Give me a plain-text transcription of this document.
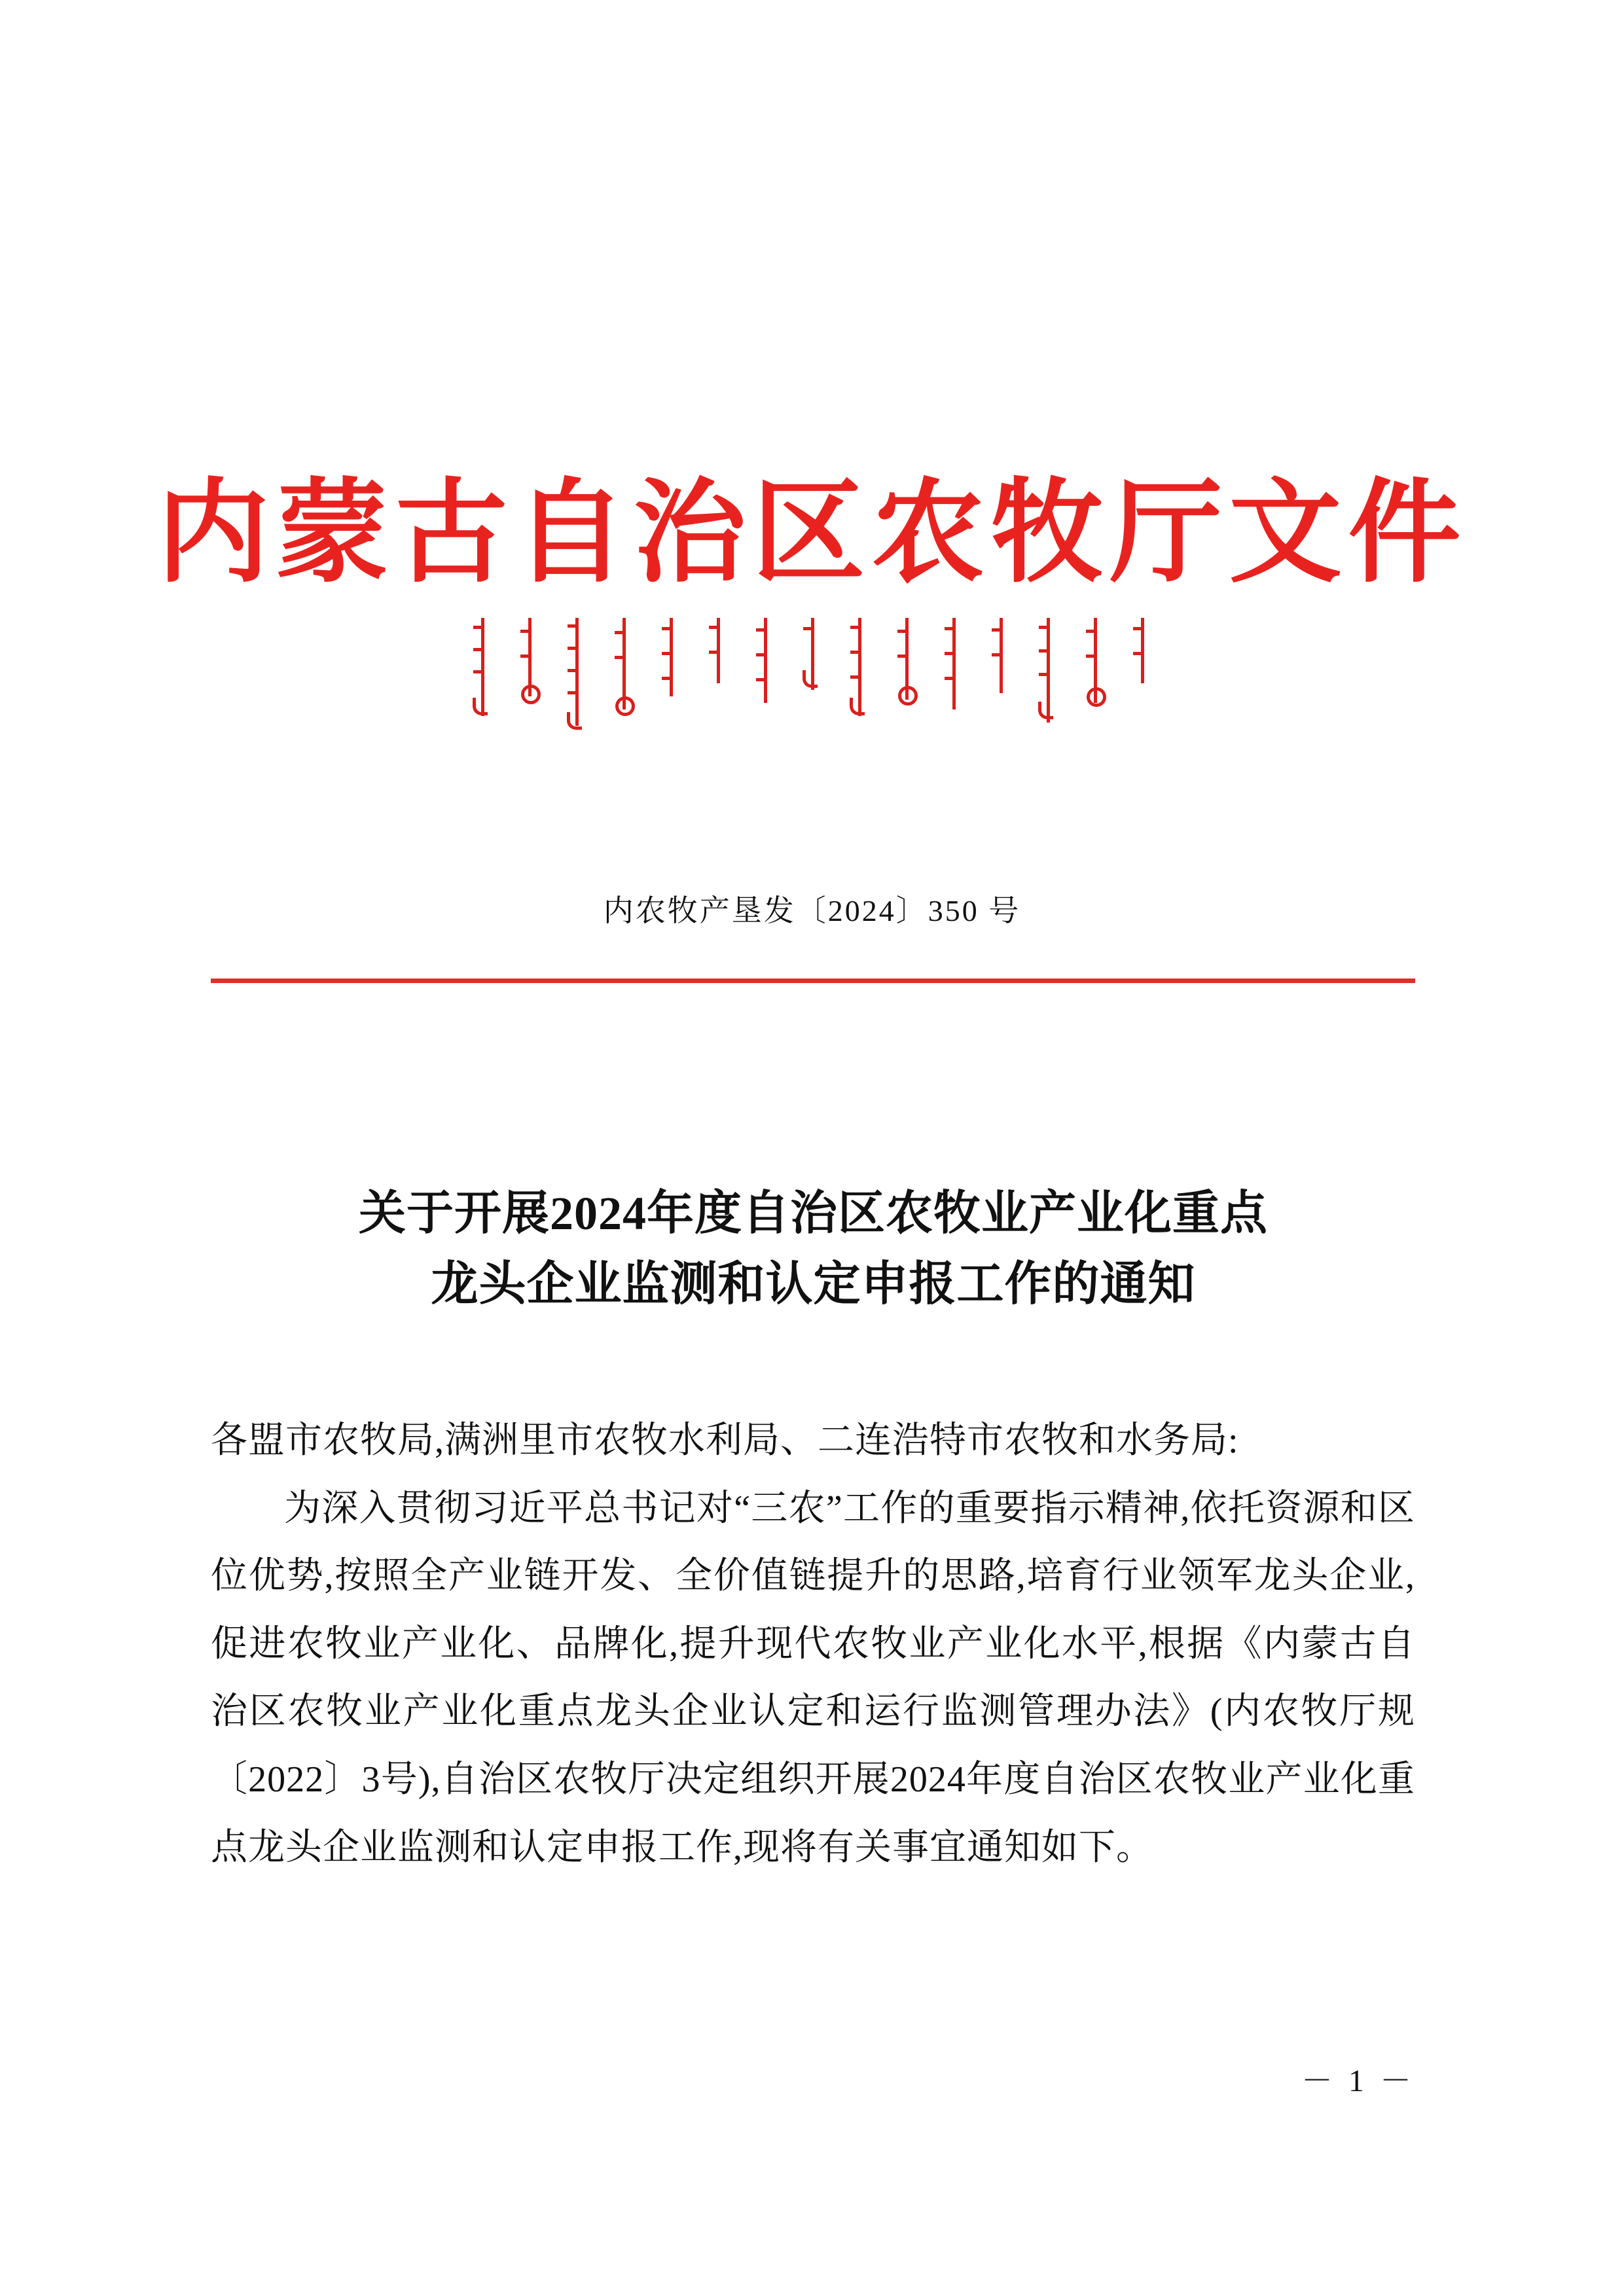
内蒙古自治区农牧厅文件
内农牧产垦发〔2024〕350 号
关于开展2024年度自治区农牧业产业化重点
龙头企业监测和认定申报工作的通知

各盟市农牧局,满洲里市农牧水利局、二连浩特市农牧和水务局:

为深入贯彻习近平总书记对“三农”工作的重要指示精神,依托资源和区位优势,按照全产业链开发、全价值链提升的思路,培育行业领军龙头企业,促进农牧业产业化、品牌化,提升现代农牧业产业化水平,根据《内蒙古自治区农牧业产业化重点龙头企业认定和运行监测管理办法》(内农牧厅规〔2022〕3号),自治区农牧厅决定组织开展2024年度自治区农牧业产业化重点龙头企业监测和认定申报工作,现将有关事宜通知如下。

－ 1 －
